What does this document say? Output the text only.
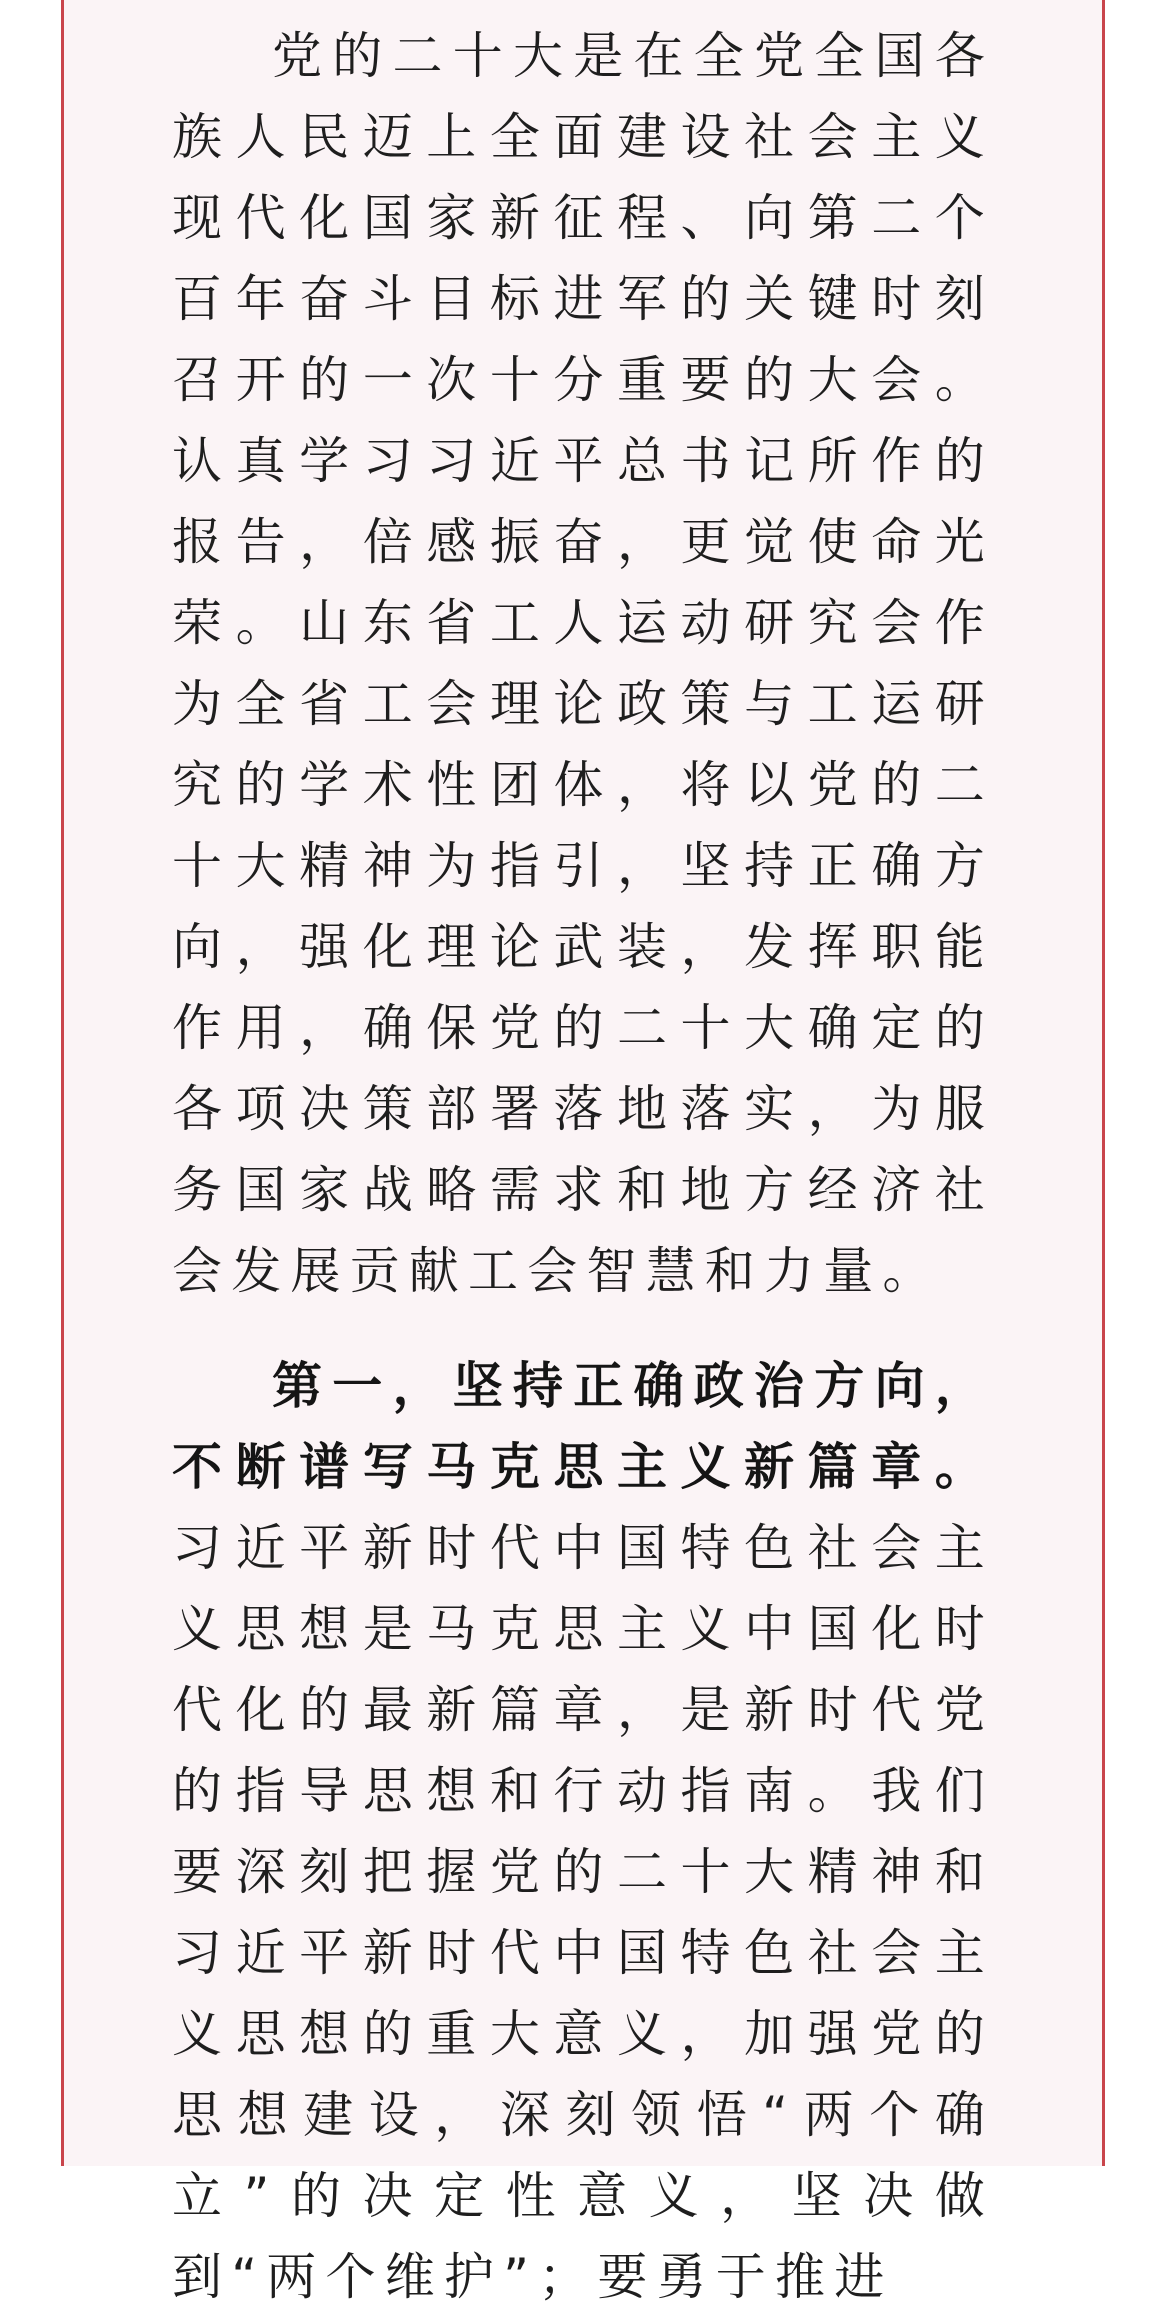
党的二十大是在全党全国各族人民迈上全面建设社会主义现代化国家新征程、向第二个百年奋斗目标进军的关键时刻召开的一次十分重要的大会。认真学习习近平总书记所作的报告，倍感振奋，更觉使命光荣。山东省工人运动研究会作为全省工会理论政策与工运研究的学术性团体，将以党的二十大精神为指引，坚持正确方向，强化理论武装，发挥职能作用，确保党的二十大确定的各项决策部署落地落实，为服务国家战略需求和地方经济社会发展贡献工会智慧和力量。

第一，坚持正确政治方向，不断谱写马克思主义新篇章。习近平新时代中国特色社会主义思想是马克思主义中国化时代化的最新篇章，是新时代党的指导思想和行动指南。我们要深刻把握党的二十大精神和习近平新时代中国特色社会主义思想的重大意义，加强党的思想建设，深刻领悟“两个确立”的决定性意义，坚决做到“两个维护”；要勇于推进
